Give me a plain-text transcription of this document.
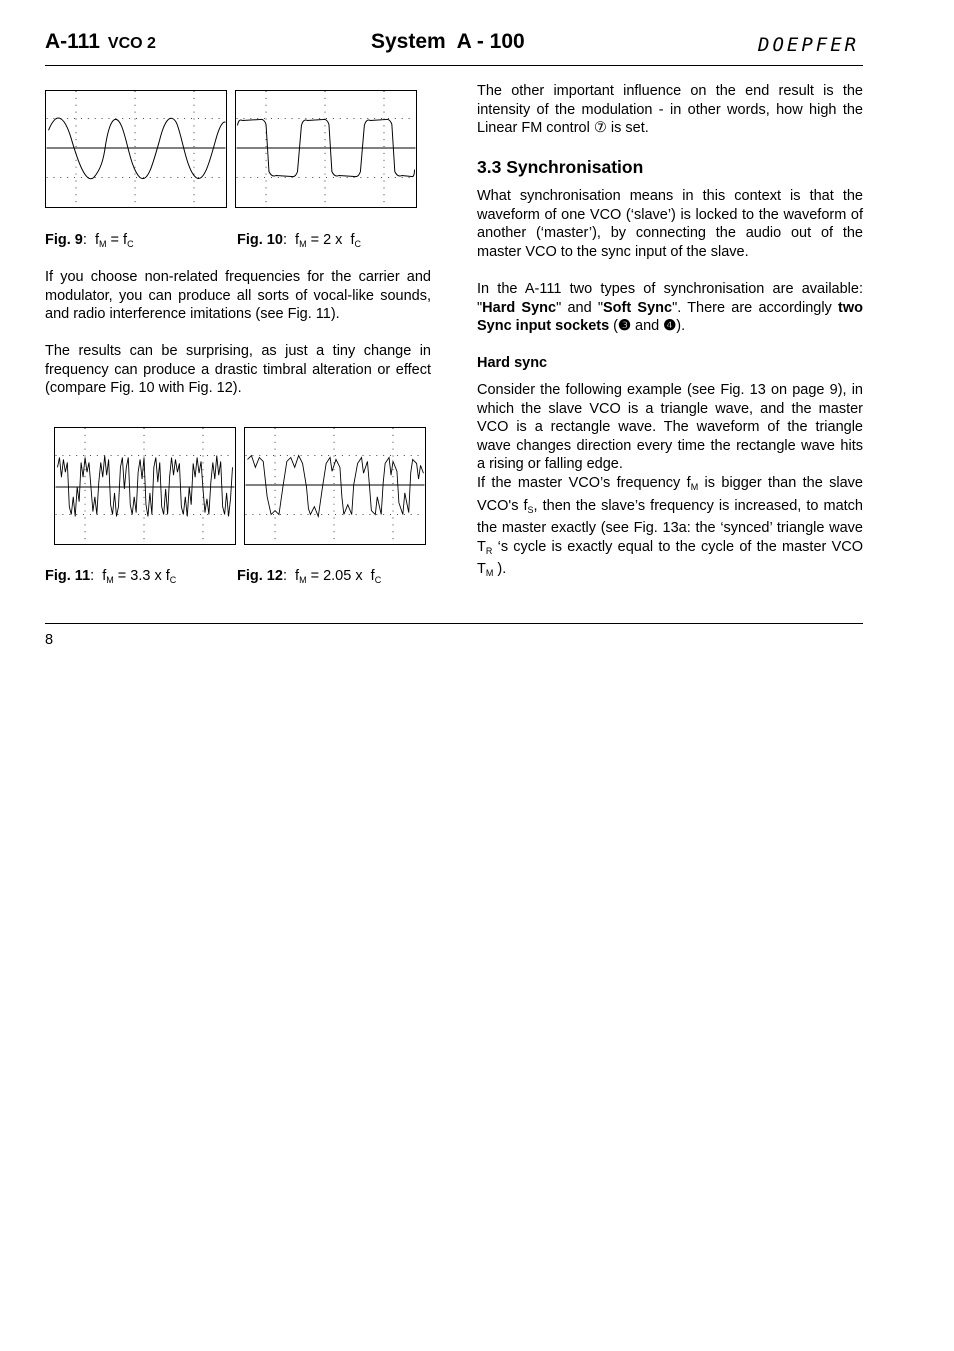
A-111 VCO 2	System  A - 100	DOEPFER
Fig. 9:  $f_M = f_C$	Fig. 10:  $f_M = 2$ x  $f_C$
If you choose non-related frequencies for the carrier and modulator, you can produce all sorts of vocal-like sounds, and radio interference imitations (see Fig. 11).
The results can be surprising, as just a tiny change in frequency can produce a drastic timbral alteration or effect (compare Fig. 10 with Fig. 12).
Fig. 11:  $f_M = 3.3$ x $f_C$	Fig. 12:  $f_M = 2.05$ x  $f_C$
The other important influence on the end result is the intensity of the modulation - in other words, how high the Linear FM control ⑦ is set.
3.3 Synchronisation
What synchronisation means in this context is that the waveform of one VCO (‘slave’) is locked to the waveform of another (‘master’), by connecting the audio out of the master VCO to the sync input of the slave.
In the A-111 two types of synchronisation are available: "Hard Sync" and "Soft Sync". There are accordingly two Sync input sockets (❸ and ❹).
Hard sync
Consider the following example (see Fig. 13 on page 9), in which the slave VCO is a triangle wave, and the master VCO is a rectangle wave. The waveform of the triangle wave changes direction every time the rectangle wave hits a rising or falling edge.
If the master VCO’s frequency $f_M$ is bigger than the slave VCO's $f_S$, then the slave’s frequency is increased, to match the master exactly (see Fig. 13a: the ‘synced’ triangle wave $T_R$ ‘s cycle is exactly equal to the cycle of the master VCO $T_M$ ).
8
